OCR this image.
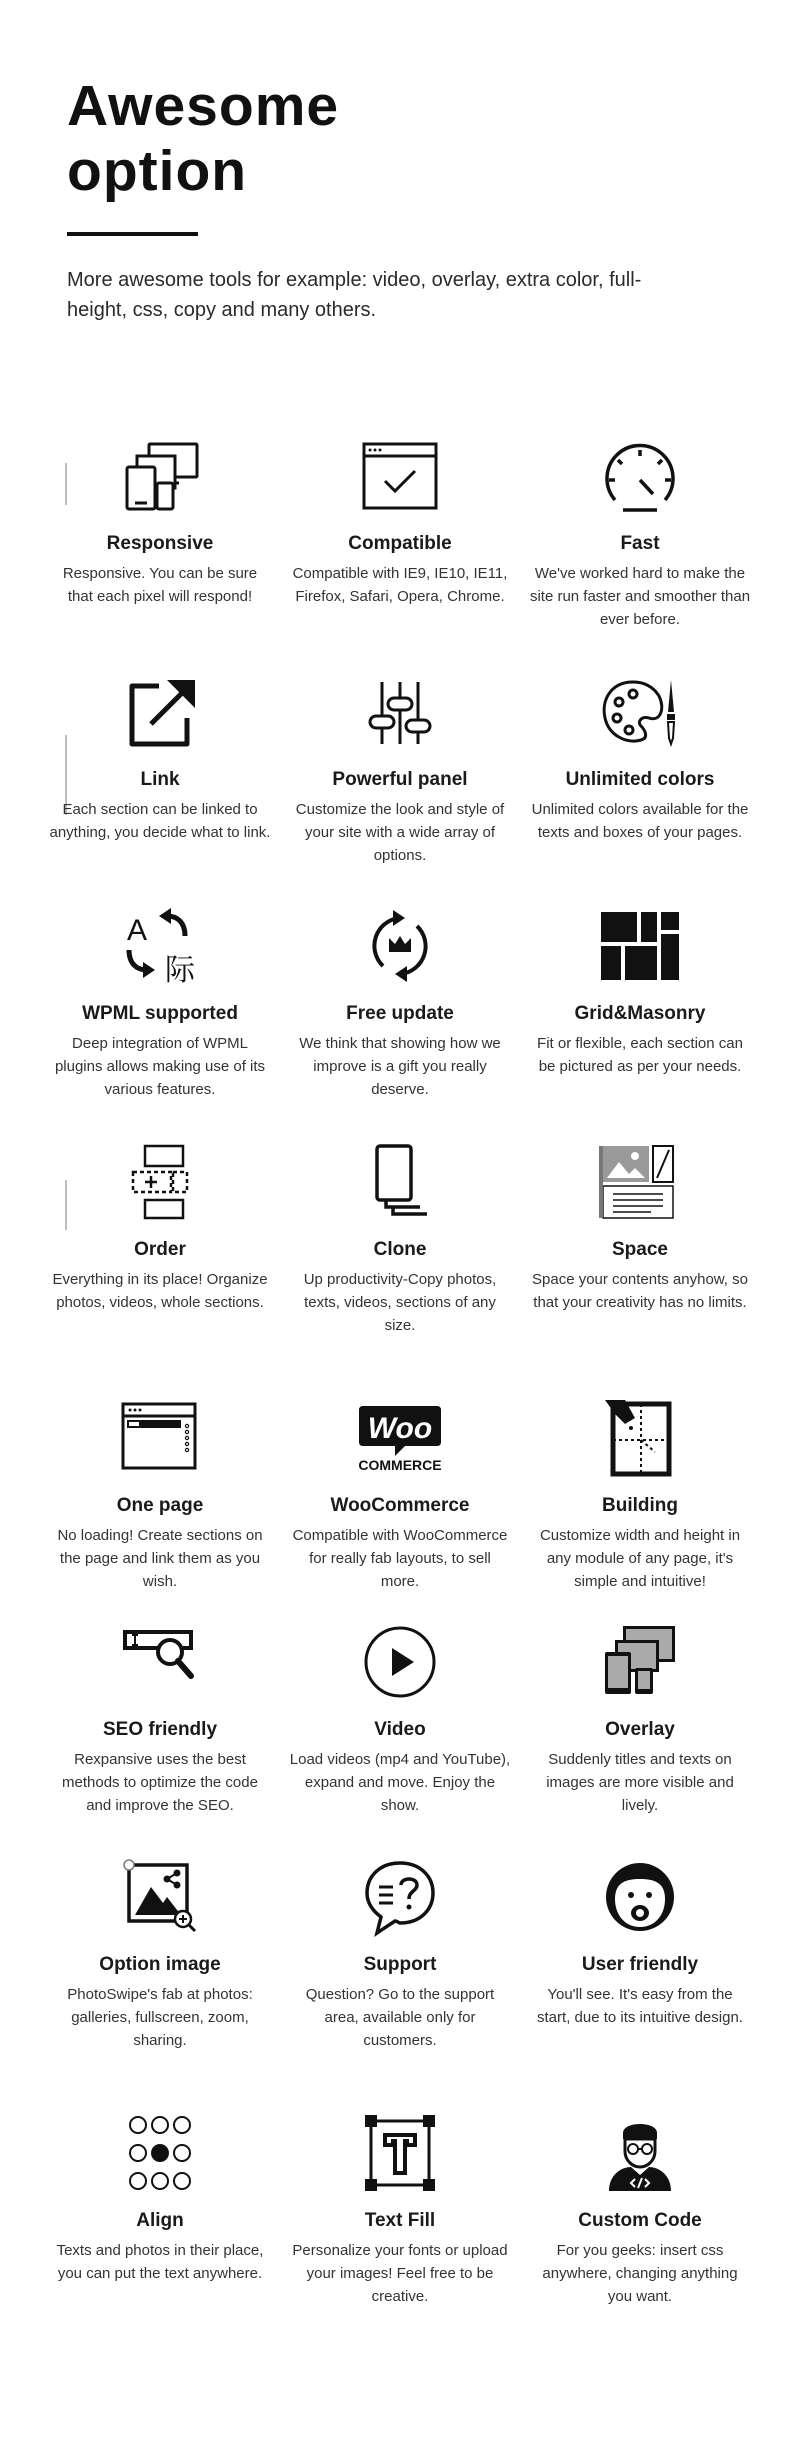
Awesome option

More awesome tools for example: video, overlay, extra color, full-height, css, copy and many others.

Responsive
Responsive. You can be sure that each pixel will respond!
Compatible
Compatible with IE9, IE10, IE11, Firefox, Safari, Opera, Chrome.
Fast
We've worked hard to make the site run faster and smoother than ever before.
Link
Each section can be linked to anything, you decide what to link.
Powerful panel
Customize the look and style of your site with a wide array of options.
Unlimited colors
Unlimited colors available for the texts and boxes of your pages.
A
际
WPML supported
Deep integration of WPML plugins allows making use of its various features.
Free update
We think that showing how we improve is a gift you really deserve.
Grid&Masonry
Fit or flexible, each section can be pictured as per your needs.
Order
Everything in its place! Organize photos, videos, whole sections.
Clone
Up productivity-Copy photos, texts, videos, sections of any size.
Space
Space your contents anyhow, so that your creativity has no limits.
One page
No loading! Create sections on the page and link them as you wish.
Woo
COMMERCE
WooCommerce
Compatible with WooCommerce for really fab layouts, to sell more.
Building
Customize width and height in any module of any page, it's simple and intuitive!
SEO friendly
Rexpansive uses the best methods to optimize the code and improve the SEO.
Video
Load videos (mp4 and YouTube), expand and move. Enjoy the show.
Overlay
Suddenly titles and texts on images are more visible and lively.
Option image
PhotoSwipe's fab at photos: galleries, fullscreen, zoom, sharing.
Support
Question? Go to the support area, available only for customers.
User friendly
You'll see. It's easy from the start, due to its intuitive design.
Align
Texts and photos in their place, you can put the text anywhere.
Text Fill
Personalize your fonts or upload your images! Feel free to be creative.
Custom Code
For you geeks: insert css anywhere, changing anything you want.
